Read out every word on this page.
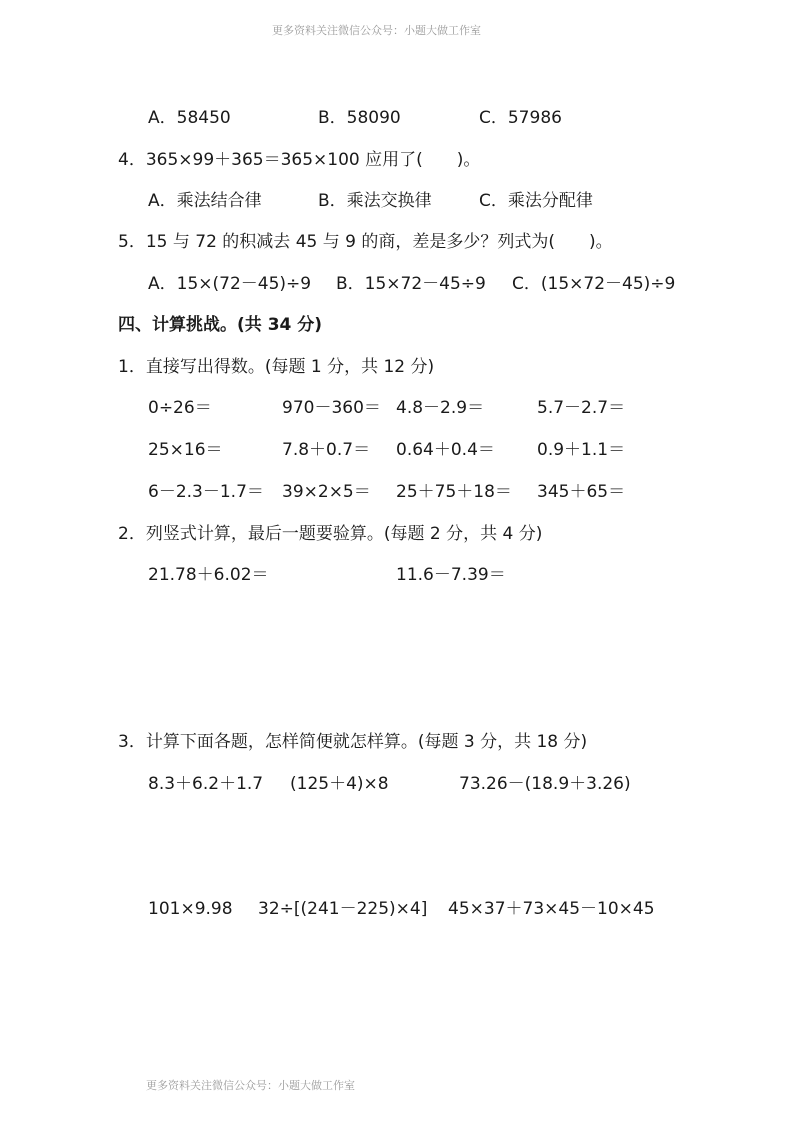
更多资料关注微信公众号：小题大做工作室
A．58450	B．58090	C．57986
4．365×99＋365＝365×100 应用了(　　)。
A．乘法结合律	B．乘法交换律	C．乘法分配律
5．15 与 72 的积减去 45 与 9 的商，差是多少？列式为(　　)。
A．15×(72－45)÷9 B．15×72－45÷9 C．(15×72－45)÷9
四、计算挑战。(共 34 分)
1．直接写出得数。(每题 1 分，共 12 分)
0÷26＝	970－360＝ 4.8－2.9＝	5.7－2.7＝
25×16＝	7.8＋0.7＝ 0.64＋0.4＝ 0.9＋1.1＝
6－2.3－1.7＝ 39×2×5＝ 25＋75＋18＝ 345＋65＝
2．列竖式计算，最后一题要验算。(每题 2 分，共 4 分)
21.78＋6.02＝	11.6－7.39＝
3．计算下面各题，怎样简便就怎样算。(每题 3 分，共 18 分)
8.3＋6.2＋1.7 (125＋4)×8	73.26－(18.9＋3.26)
101×9.98 32÷[(241－225)×4] 45×37＋73×45－10×45
更多资料关注微信公众号：小题大做工作室
